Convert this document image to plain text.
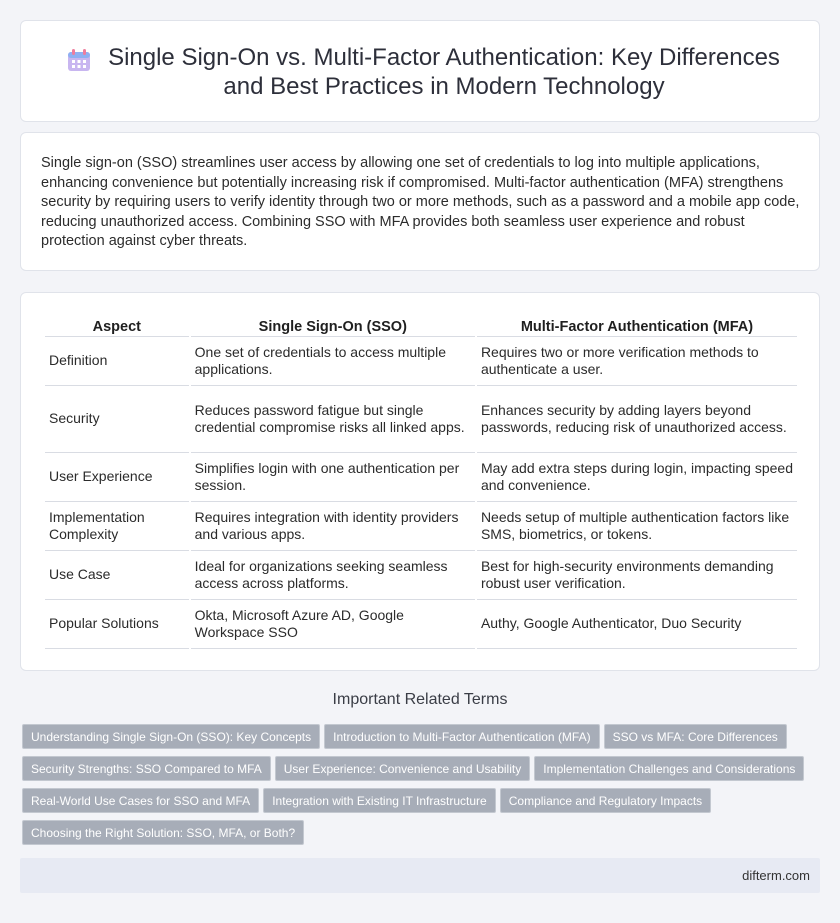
Single Sign-On vs. Multi-Factor Authentication: Key Differences and Best Practices in Modern Technology

Single sign-on (SSO) streamlines user access by allowing one set of credentials to log into multiple applications, enhancing convenience but potentially increasing risk if compromised. Multi-factor authentication (MFA) strengthens security by requiring users to verify identity through two or more methods, such as a password and a mobile app code, reducing unauthorized access. Combining SSO with MFA provides both seamless user experience and robust protection against cyber threats.

Aspect	Single Sign-On (SSO)	Multi-Factor Authentication (MFA)
Definition	One set of credentials to access multiple applications.	Requires two or more verification methods to authenticate a user.
Security	Reduces password fatigue but single credential compromise risks all linked apps.	Enhances security by adding layers beyond passwords, reducing risk of unauthorized access.
User Experience	Simplifies login with one authentication per session.	May add extra steps during login, impacting speed and convenience.
Implementation Complexity	Requires integration with identity providers and various apps.	Needs setup of multiple authentication factors like SMS, biometrics, or tokens.
Use Case	Ideal for organizations seeking seamless access across platforms.	Best for high-security environments demanding robust user verification.
Popular Solutions	Okta, Microsoft Azure AD, Google Workspace SSO	Authy, Google Authenticator, Duo Security
Important Related Terms
Understanding Single Sign-On (SSO): Key Concepts Introduction to Multi-Factor Authentication (MFA) SSO vs MFA: Core Differences
Security Strengths: SSO Compared to MFA User Experience: Convenience and Usability Implementation Challenges and Considerations
Real-World Use Cases for SSO and MFA Integration with Existing IT Infrastructure Compliance and Regulatory Impacts
Choosing the Right Solution: SSO, MFA, or Both?
difterm.com
